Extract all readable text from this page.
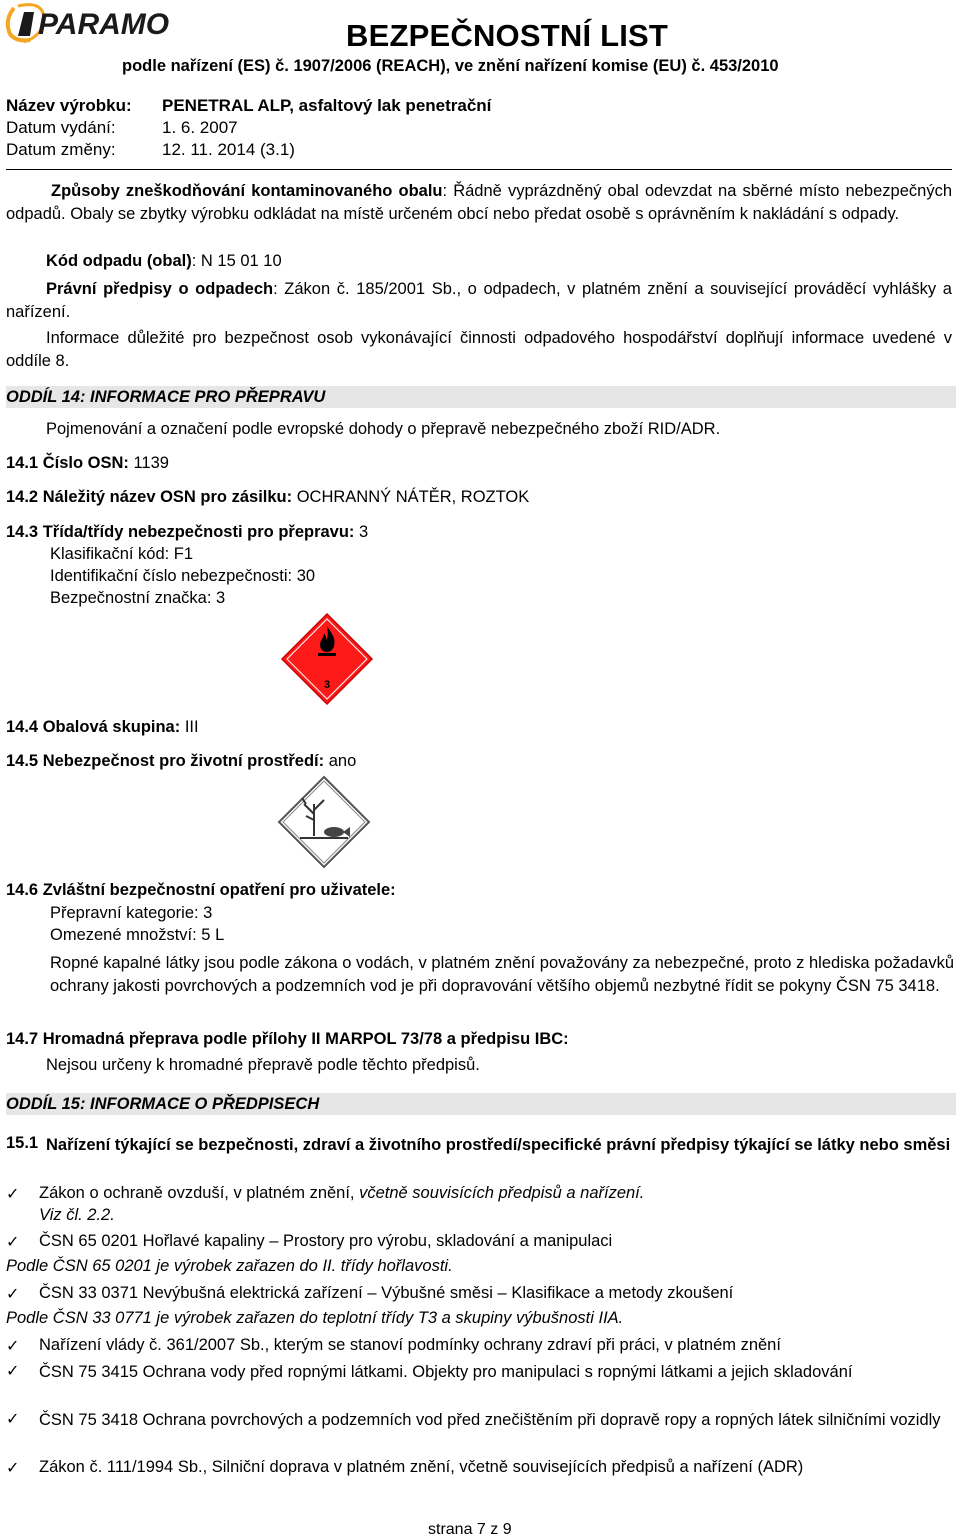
PARAMO	BEZPEČNOSTNÍ LIST
podle nařízení (ES) č. 1907/2006 (REACH), ve znění nařízení komise (EU) č. 453/2010
Název výrobku: PENETRAL ALP, asfaltový lak penetrační
Datum vydání:	1. 6. 2007
Datum změny:	12. 11. 2014 (3.1)
Způsoby zneškodňování kontaminovaného obalu: Řádně vyprázdněný obal odevzdat na sběrné místo nebezpečných odpadů. Obaly se zbytky výrobku odkládat na místě určeném obcí nebo předat osobě s oprávněním k nakládání s odpady.
Kód odpadu (obal): N 15 01 10
Právní předpisy o odpadech: Zákon č. 185/2001 Sb., o odpadech, v platném znění a související prováděcí vyhlášky a nařízení.
Informace důležité pro bezpečnost osob vykonávající činnosti odpadového hospodářství doplňují informace uvedené v oddíle 8.
ODDÍL 14: INFORMACE PRO PŘEPRAVU
Pojmenování a označení podle evropské dohody o přepravě nebezpečného zboží RID/ADR.
14.1 Číslo OSN: 1139
14.2 Náležitý název OSN pro zásilku: OCHRANNÝ NÁTĚR, ROZTOK
14.3 Třída/třídy nebezpečnosti pro přepravu: 3
Klasifikační kód: F1
Identifikační číslo nebezpečnosti: 30
Bezpečnostní značka: 3
3
14.4 Obalová skupina: III
14.5 Nebezpečnost pro životní prostředí: ano
14.6 Zvláštní bezpečnostní opatření pro uživatele:
Přepravní kategorie: 3
Omezené množství: 5 L
Ropné kapalné látky jsou podle zákona o vodách, v platném znění považovány za nebezpečné, proto z hlediska požadavků ochrany jakosti povrchových a podzemních vod je při dopravování většího objemů nezbytné řídit se pokyny ČSN 75 3418.
14.7 Hromadná přeprava podle přílohy II MARPOL 73/78 a předpisu IBC:
Nejsou určeny k hromadné přepravě podle těchto předpisů.
ODDÍL 15: INFORMACE O PŘEDPISECH
15.1 Nařízení týkající se bezpečnosti, zdraví a životního prostředí/specifické právní předpisy týkající se látky nebo směsi
✓ Zákon o ochraně ovzduší, v platném znění, včetně souvisících předpisů a nařízení.
Viz čl. 2.2.
✓ ČSN 65 0201 Hořlavé kapaliny – Prostory pro výrobu, skladování a manipulaci
Podle ČSN 65 0201 je výrobek zařazen do II. třídy hořlavosti.
✓ ČSN 33 0371 Nevýbušná elektrická zařízení – Výbušné směsi – Klasifikace a metody zkoušení
Podle ČSN 33 0771 je výrobek zařazen do teplotní třídy T3 a skupiny výbušnosti IIA.
✓ Nařízení vlády č. 361/2007 Sb., kterým se stanoví podmínky ochrany zdraví při práci, v platném znění
✓ ČSN 75 3415 Ochrana vody před ropnými látkami. Objekty pro manipulaci s ropnými látkami a jejich skladování
✓ ČSN 75 3418 Ochrana povrchových a podzemních vod před znečištěním při dopravě ropy a ropných látek silničními vozidly
✓ Zákon č. 111/1994 Sb., Silniční doprava v platném znění, včetně souvisejících předpisů a nařízení (ADR)
strana 7 z 9
